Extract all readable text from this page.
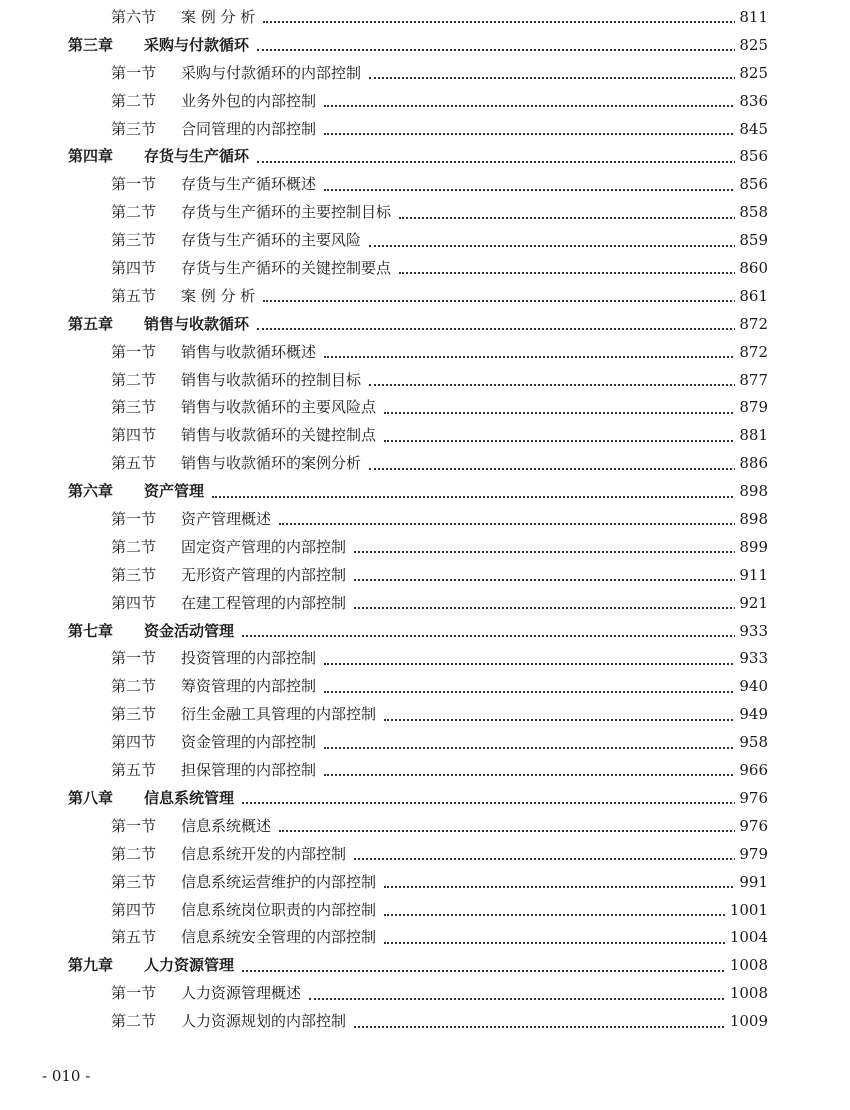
第六节	案 例 分 析	811
第三章	采购与付款循环	825
第一节	采购与付款循环的内部控制	825
第二节	业务外包的内部控制	836
第三节	合同管理的内部控制	845
第四章	存货与生产循环	856
第一节	存货与生产循环概述	856
第二节	存货与生产循环的主要控制目标	858
第三节	存货与生产循环的主要风险	859
第四节	存货与生产循环的关键控制要点	860
第五节	案 例 分 析	861
第五章	销售与收款循环	872
第一节	销售与收款循环概述	872
第二节	销售与收款循环的控制目标	877
第三节	销售与收款循环的主要风险点	879
第四节	销售与收款循环的关键控制点	881
第五节	销售与收款循环的案例分析	886
第六章	资产管理	898
第一节	资产管理概述	898
第二节	固定资产管理的内部控制	899
第三节	无形资产管理的内部控制	911
第四节	在建工程管理的内部控制	921
第七章	资金活动管理	933
第一节	投资管理的内部控制	933
第二节	筹资管理的内部控制	940
第三节	衍生金融工具管理的内部控制	949
第四节	资金管理的内部控制	958
第五节	担保管理的内部控制	966
第八章	信息系统管理	976
第一节	信息系统概述	976
第二节	信息系统开发的内部控制	979
第三节	信息系统运营维护的内部控制	991
第四节	信息系统岗位职责的内部控制	1001
第五节	信息系统安全管理的内部控制	1004
第九章	人力资源管理	1008
第一节	人力资源管理概述	1008
第二节	人力资源规划的内部控制	1009
- 010 -
